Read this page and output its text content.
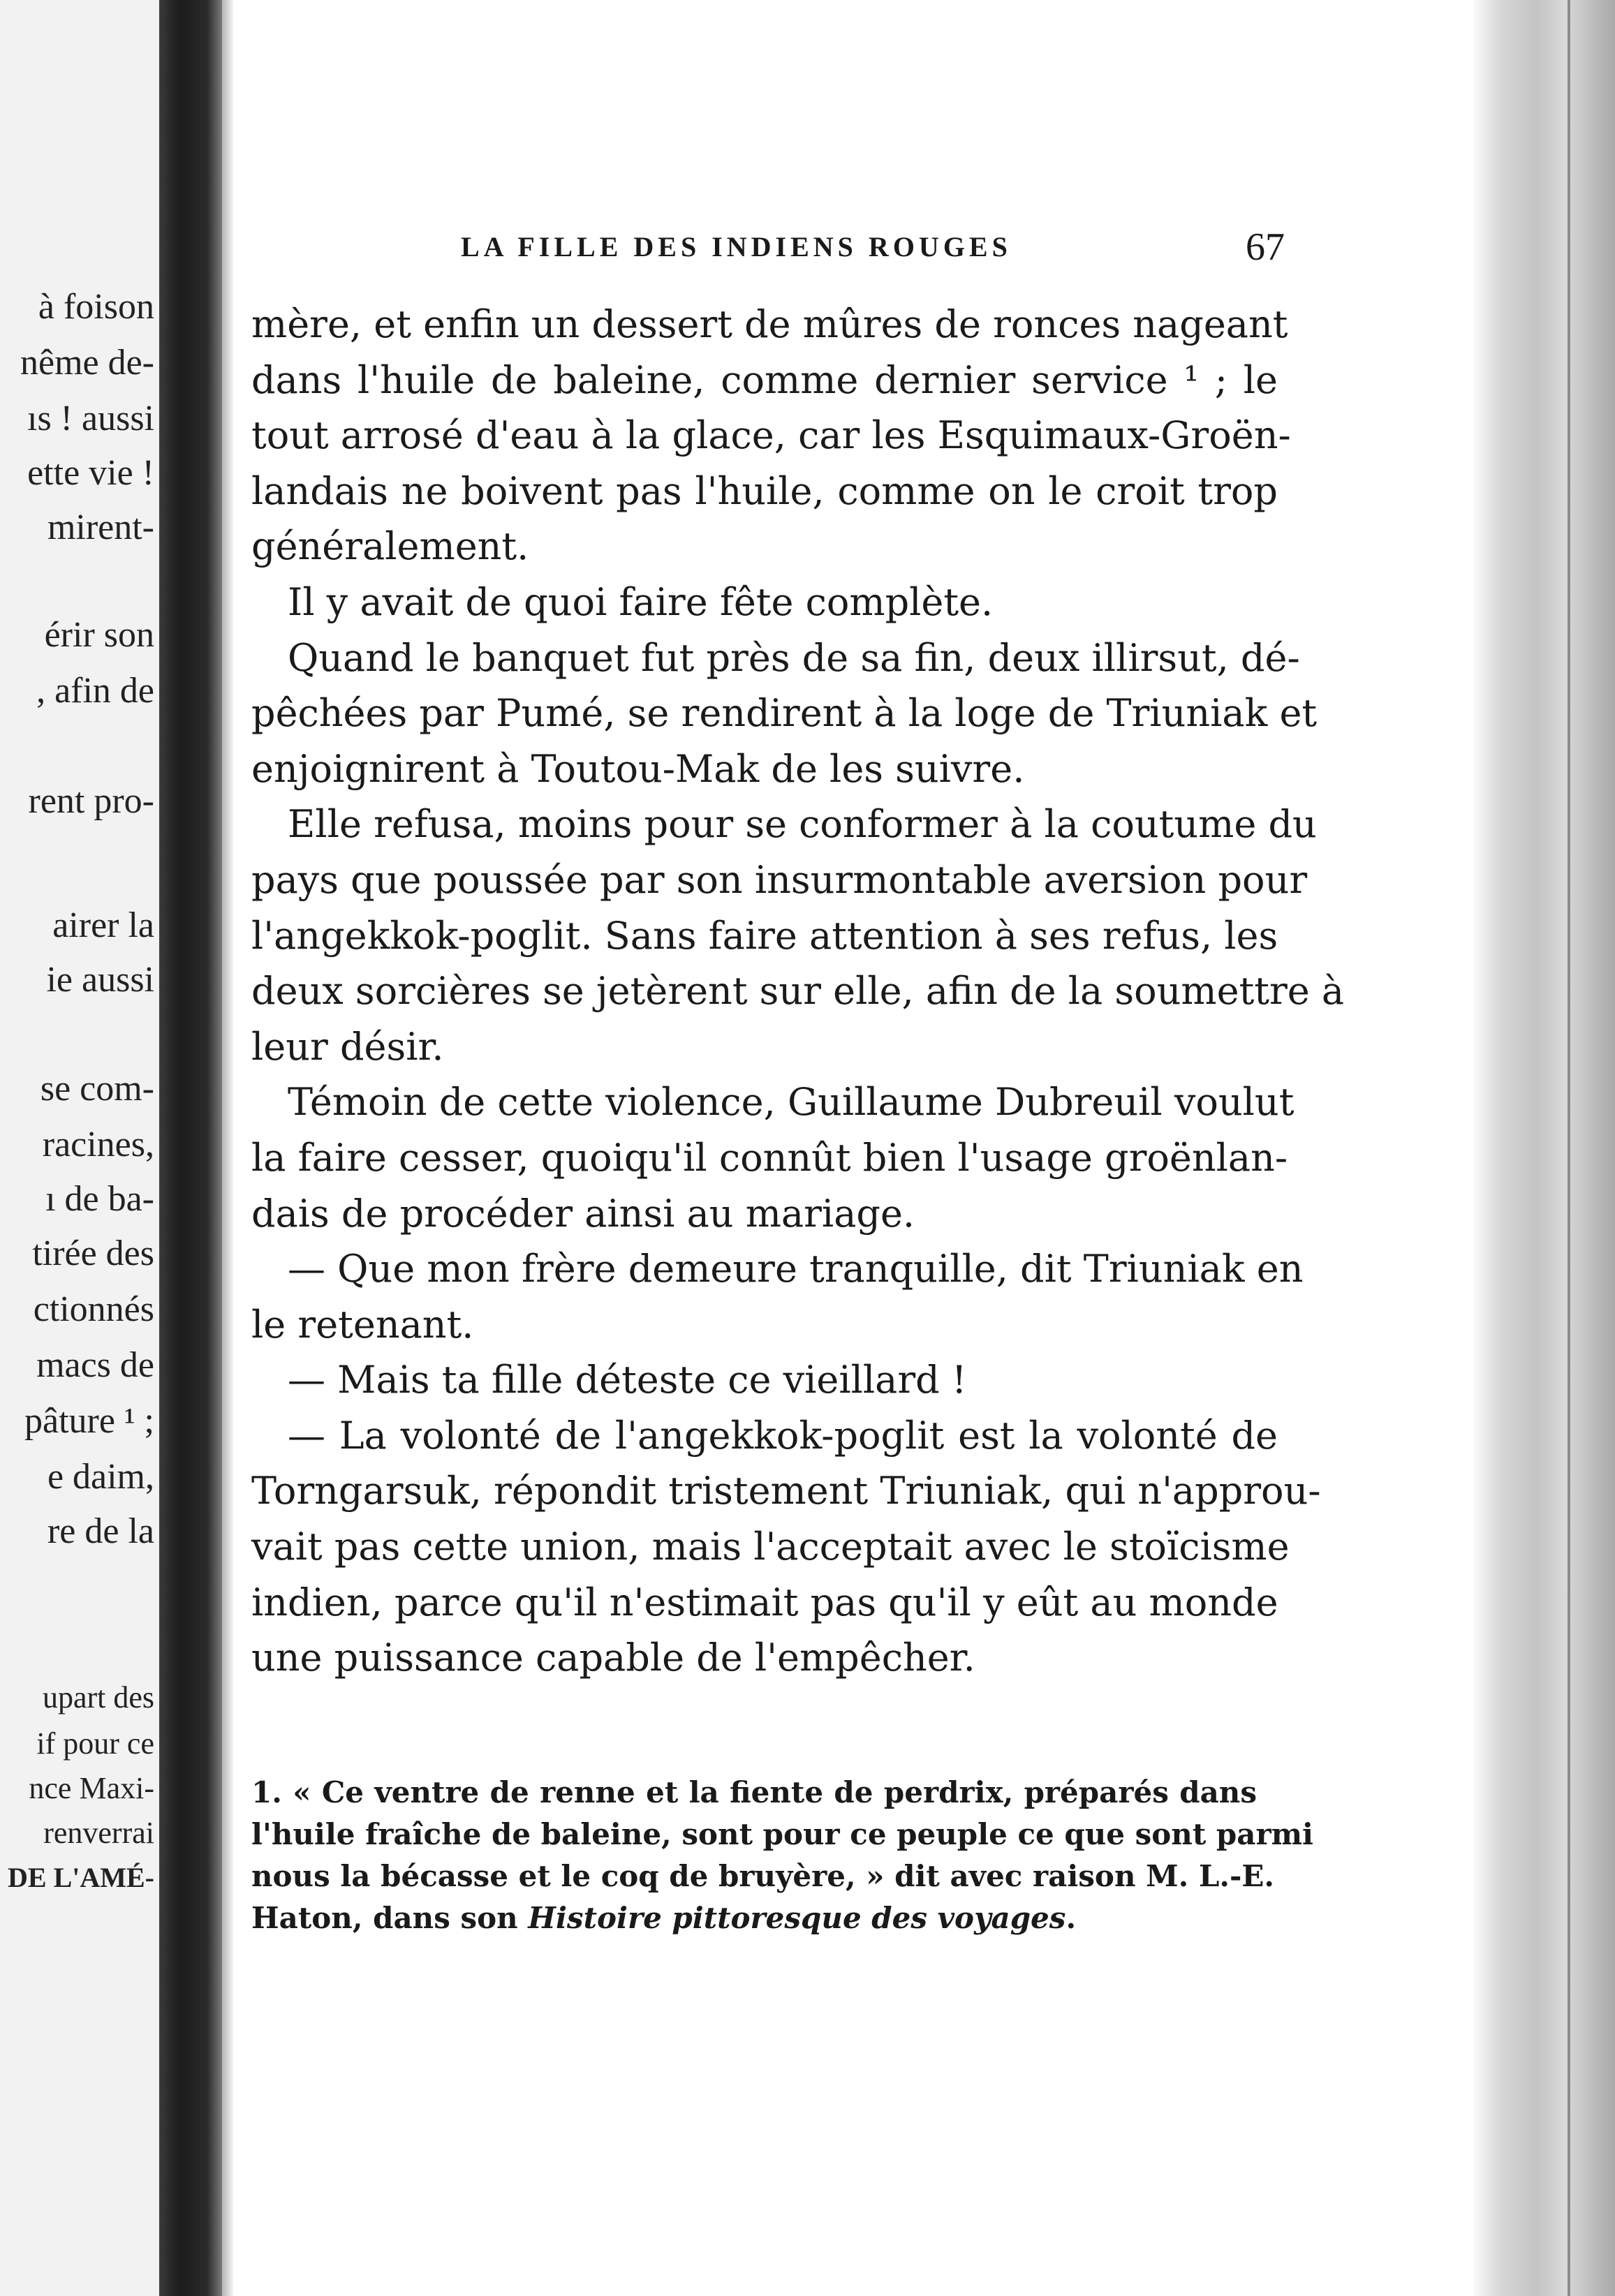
à foison
nême de-
ıs ! aussi
ette vie !
mirent-
érir son
, afin de
rent pro-
airer la
ie aussi
se com-
racines,
ı de ba-
tirée des
ctionnés
macs de
pâture ¹ ;
e daim,
re de la
upart des
if pour ce
nce Maxi-
renverrai
DE L'AMÉ-
LA FILLE DES INDIENS ROUGES	67
mère, et enfin un dessert de mûres de ronces nageant
dans l'huile de baleine, comme dernier service ¹ ; le
tout arrosé d'eau à la glace, car les Esquimaux-Groën-
landais ne boivent pas l'huile, comme on le croit trop
généralement.
Il y avait de quoi faire fête complète.
Quand le banquet fut près de sa fin, deux illirsut, dé-
pêchées par Pumé, se rendirent à la loge de Triuniak et
enjoignirent à Toutou-Mak de les suivre.
Elle refusa, moins pour se conformer à la coutume du
pays que poussée par son insurmontable aversion pour
l'angekkok-poglit. Sans faire attention à ses refus, les
deux sorcières se jetèrent sur elle, afin de la soumettre à
leur désir.
Témoin de cette violence, Guillaume Dubreuil voulut
la faire cesser, quoiqu'il connût bien l'usage groënlan-
dais de procéder ainsi au mariage.
— Que mon frère demeure tranquille, dit Triuniak en
le retenant.
— Mais ta fille déteste ce vieillard !
— La volonté de l'angekkok-poglit est la volonté de
Torngarsuk, répondit tristement Triuniak, qui n'approu-
vait pas cette union, mais l'acceptait avec le stoïcisme
indien, parce qu'il n'estimait pas qu'il y eût au monde
une puissance capable de l'empêcher.
1. « Ce ventre de renne et la fiente de perdrix, préparés dans
l'huile fraîche de baleine, sont pour ce peuple ce que sont parmi
nous la bécasse et le coq de bruyère, » dit avec raison M. L.-E.
Haton, dans son Histoire pittoresque des voyages.
